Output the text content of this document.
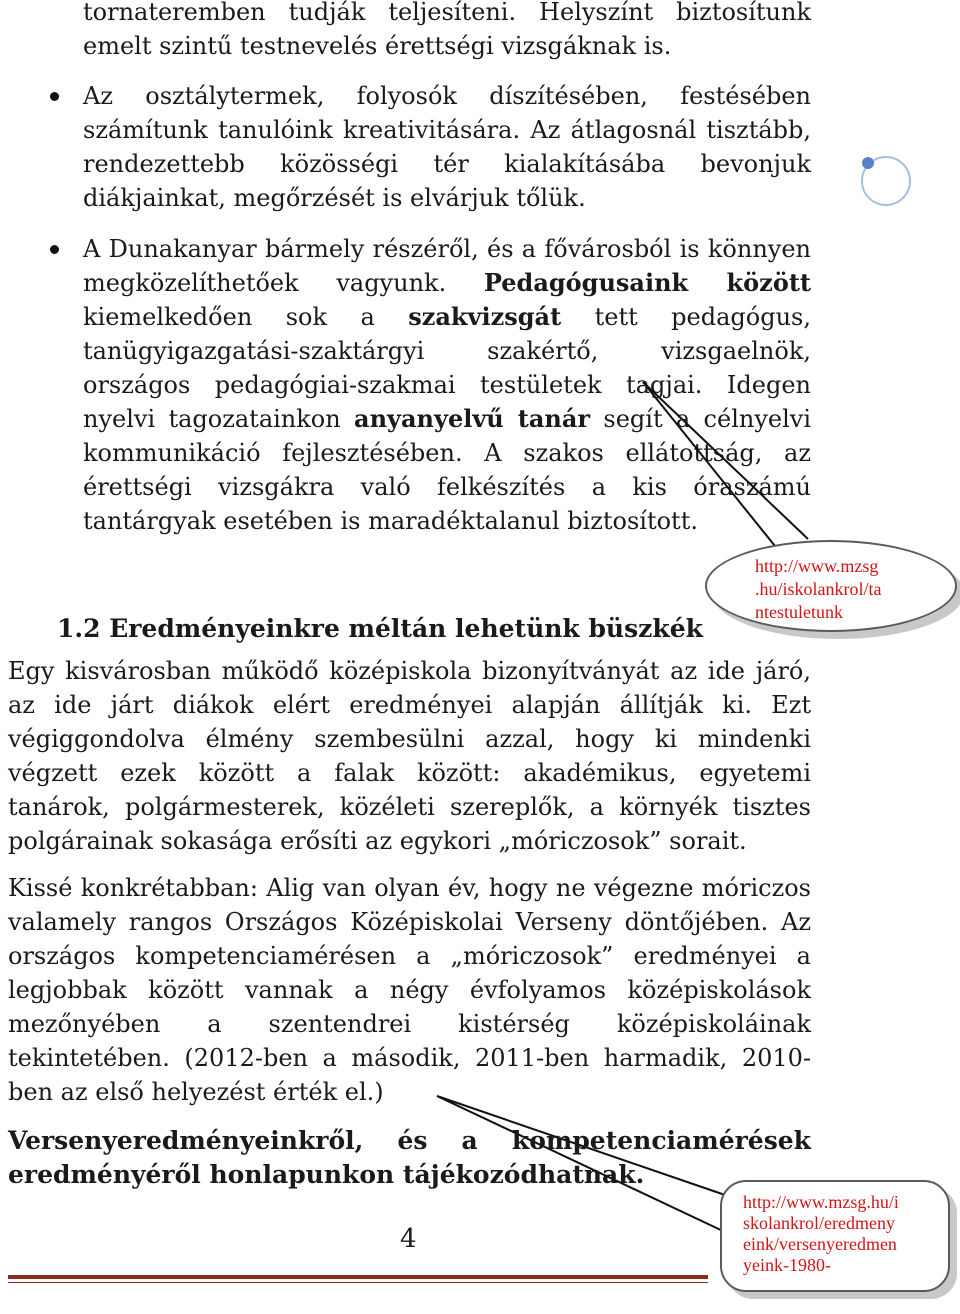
tornateremben tudják teljesíteni. Helyszínt biztosítunk emelt szintű testnevelés érettségi vizsgáknak is.

Az osztálytermek, folyosók díszítésében, festésében számítunk tanulóink kreativitására. Az átlagosnál tisztább, rendezettebb közösségi tér kialakításába bevonjuk diákjainkat, megőrzését is elvárjuk tőlük.

A Dunakanyar bármely részéről, és a fővárosból is könnyen megközelíthetőek vagyunk. Pedagógusaink között kiemelkedően sok a szakvizsgát tett pedagógus, tanügyigazgatási-szaktárgyi szakértő, vizsgaelnök, országos pedagógiai-szakmai testületek tagjai. Idegen nyelvi tagozatainkon anyanyelvű tanár segít a célnyelvi kommunikáció fejlesztésében. A szakos ellátottság, az érettségi vizsgákra való felkészítés a kis óraszámú tantárgyak esetében is maradéktalanul biztosított.

http://www.mzsg
.hu/iskolankrol/ta
ntestuletunk

1.2 Eredményeinkre méltán lehetünk büszkék

Egy kisvárosban működő középiskola bizonyítványát az ide járó, az ide járt diákok elért eredményei alapján állítják ki. Ezt végiggondolva élmény szembesülni azzal, hogy ki mindenki végzett ezek között a falak között: akadémikus, egyetemi tanárok, polgármesterek, közéleti szereplők, a környék tisztes polgárainak sokasága erősíti az egykori „móriczosok” sorait.

Kissé konkrétabban: Alig van olyan év, hogy ne végezne móriczos valamely rangos Országos Középiskolai Verseny döntőjében. Az országos kompetenciamérésen a „móriczosok” eredményei a legjobbak között vannak a négy évfolyamos középiskolások mezőnyében a szentendrei kistérség középiskoláinak tekintetében. (2012-ben a második, 2011-ben harmadik, 2010-ben az első helyezést érték el.)

Versenyeredményeinkről, és a kompetenciamérések eredményéről honlapunkon tájékozódhatnak.

http://www.mzsg.hu/i
skolankrol/eredmeny
eink/versenyeredmen
yeink-1980-

4
